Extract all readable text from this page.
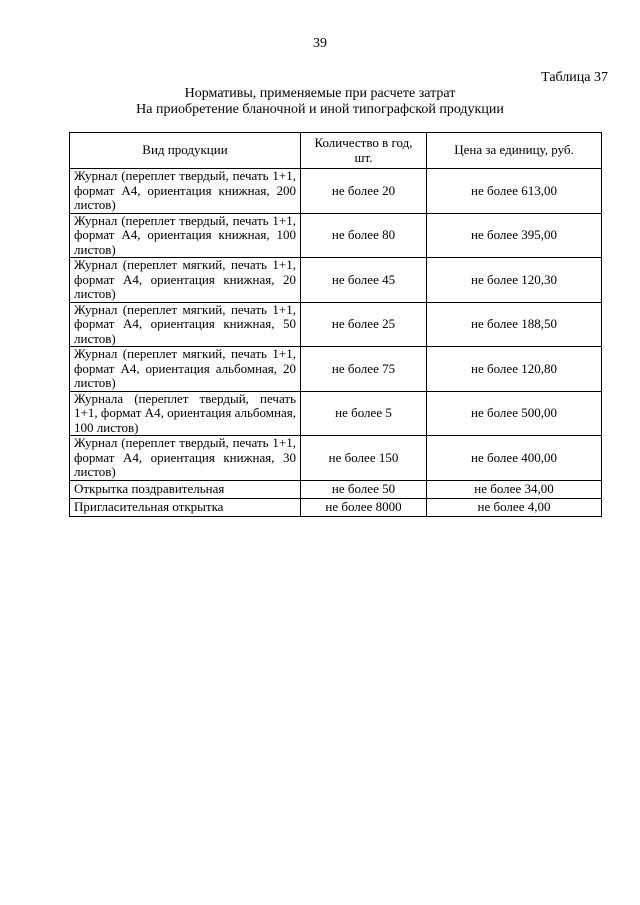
39
Таблица 37
Нормативы, применяемые при расчете затрат
На приобретение бланочной и иной типографской продукции
Вид продукции	Количество в год, шт.	Цена за единицу, руб.
Журнал (переплет твердый, печать 1+1, формат А4, ориентация книжная, 200 листов)	не более 20	не более 613,00
Журнал (переплет твердый, печать 1+1, формат А4, ориентация книжная, 100 листов)	не более 80	не более 395,00
Журнал (переплет мягкий, печать 1+1, формат А4, ориентация книжная, 20 листов)	не более 45	не более 120,30
Журнал (переплет мягкий, печать 1+1, формат А4, ориентация книжная, 50 листов)	не более 25	не более 188,50
Журнал (переплет мягкий, печать 1+1, формат А4, ориентация альбомная, 20 листов)	не более 75	не более 120,80
Журнала (переплет твердый, печать 1+1, формат А4, ориентация альбомная, 100 листов)	не более 5	не более 500,00
Журнал (переплет твердый, печать 1+1, формат А4, ориентация книжная, 30 листов)	не более 150	не более 400,00
Открытка поздравительная	не более 50	не более 34,00
Пригласительная открытка	не более 8000	не более 4,00
